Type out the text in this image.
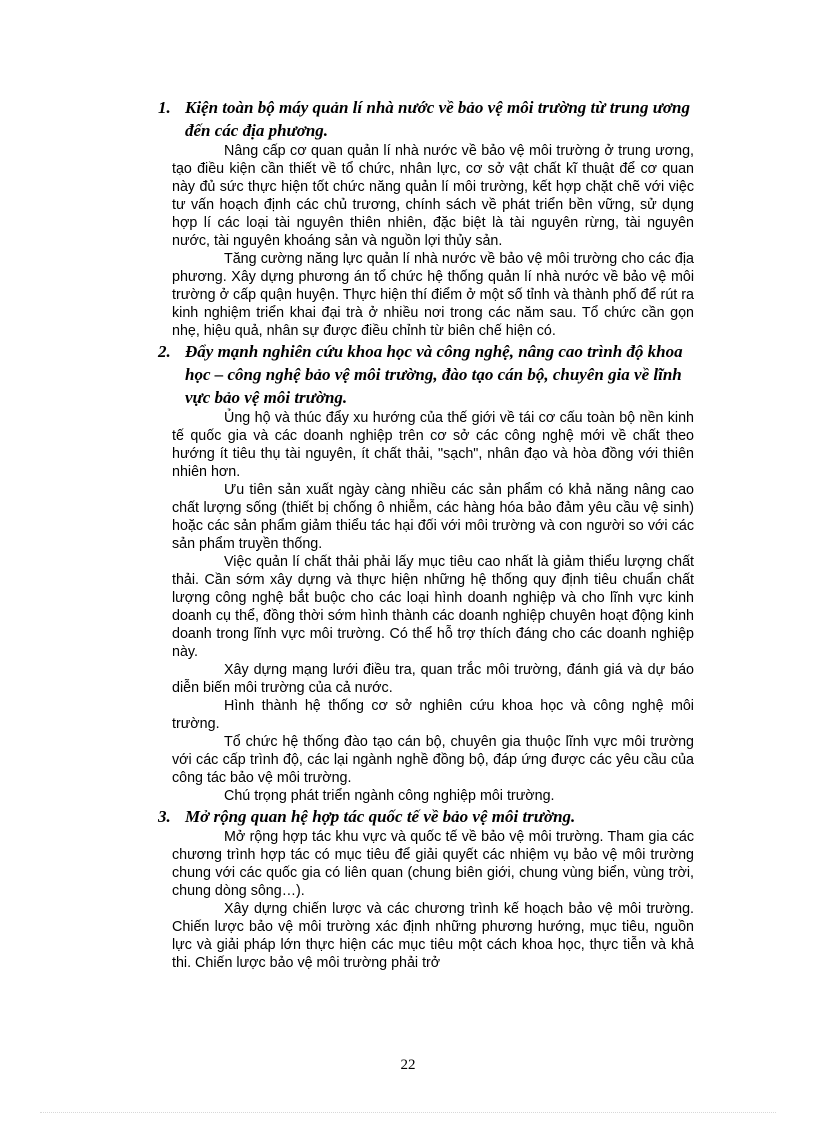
1. Kiện toàn bộ máy quản lí nhà nước về bảo vệ môi trường từ trung ương đến các địa phương.

Nâng cấp cơ quan quản lí nhà nước về bảo vệ môi trường ở trung ương, tạo điều kiện cần thiết về tổ chức, nhân lực, cơ sở vật chất kĩ thuật để cơ quan này đủ sức thực hiện tốt chức năng quản lí môi trường, kết hợp chặt chẽ với việc tư vấn hoạch định các chủ trương, chính sách về phát triển bền vững, sử dụng hợp lí các loại tài nguyên thiên nhiên, đặc biệt là tài nguyên rừng, tài nguyên nước, tài nguyên khoáng sản và nguồn lợi thủy sản.

Tăng cường năng lực quản lí nhà nước về bảo vệ môi trường cho các địa phương. Xây dựng phương án tổ chức hệ thống quản lí nhà nước về bảo vệ môi trường ở cấp quận huyện. Thực hiện thí điểm ở một số tỉnh và thành phố để rút ra kinh nghiệm triển khai đại trà ở nhiều nơi trong các năm sau. Tổ chức cần gọn nhẹ, hiệu quả, nhân sự được điều chỉnh từ biên chế hiện có.

2. Đẩy mạnh nghiên cứu khoa học và công nghệ, nâng cao trình độ khoa học – công nghệ bảo vệ môi trường, đào tạo cán bộ, chuyên gia về lĩnh vực bảo vệ môi trường.

Ủng hộ và thúc đẩy xu hướng của thế giới về tái cơ cấu toàn bộ nền kinh tế quốc gia và các doanh nghiệp trên cơ sở các công nghệ mới về chất theo hướng ít tiêu thụ tài nguyên, ít chất thải, "sạch", nhân đạo và hòa đồng với thiên nhiên hơn.

Ưu tiên sản xuất ngày càng nhiều các sản phẩm có khả năng nâng cao chất lượng sống (thiết bị chống ô nhiễm, các hàng hóa bảo đảm yêu cầu vệ sinh) hoặc các sản phẩm giảm thiểu tác hại đối với môi trường và con người so với các sản phẩm truyền thống.

Việc quản lí chất thải phải lấy mục tiêu cao nhất là giảm thiểu lượng chất thải. Cần sớm xây dựng và thực hiện những hệ thống quy định tiêu chuẩn chất lượng công nghệ bắt buộc cho các loại hình doanh nghiệp và cho lĩnh vực kinh doanh cụ thể, đồng thời sớm hình thành các doanh nghiệp chuyên hoạt động kinh doanh trong lĩnh vực môi trường. Có thể hỗ trợ thích đáng cho các doanh nghiệp này.

Xây dựng mạng lưới điều tra, quan trắc môi trường, đánh giá và dự báo diễn biến môi trường của cả nước.

Hình thành hệ thống cơ sở nghiên cứu khoa học và công nghệ môi trường.

Tổ chức hệ thống đào tạo cán bộ, chuyên gia thuộc lĩnh vực môi trường với các cấp trình độ, các lại ngành nghề đồng bộ, đáp ứng được các yêu cầu của công tác bảo vệ môi trường.

Chú trọng phát triển ngành công nghiệp môi trường.

3. Mở rộng quan hệ hợp tác quốc tế về bảo vệ môi trường.

Mở rộng hợp tác khu vực và quốc tế về bảo vệ môi trường. Tham gia các chương trình hợp tác có mục tiêu để giải quyết các nhiệm vụ bảo vệ môi trường chung với các quốc gia có liên quan (chung biên giới, chung vùng biển, vùng trời, chung dòng sông…).

Xây dựng chiến lược và các chương trình kế hoạch bảo vệ môi trường. Chiến lược bảo vệ môi trường xác định những phương hướng, mục tiêu, nguồn lực và giải pháp lớn thực hiện các mục tiêu một cách khoa học, thực tiễn và khả thi. Chiến lược bảo vệ môi trường phải trở

22
